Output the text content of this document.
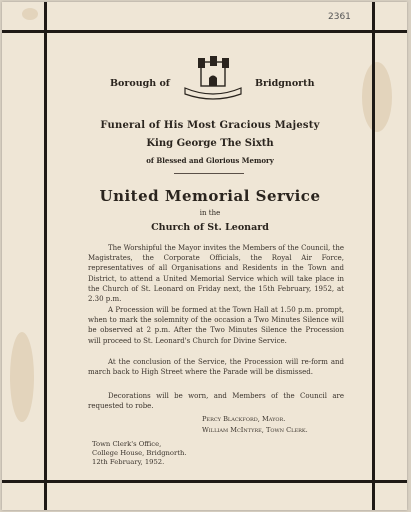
2361
Borough of	Bridgnorth
Funeral of His Most Gracious Majesty
King George The Sixth
of Blessed and Glorious Memory
United Memorial Service
in the
Church of St. Leonard
The Worshipful the Mayor invites the Members of the Council, the Magistrates, the Corporate Officials, the Royal Air Force, representatives of all Organisations and Residents in the Town and District, to attend a United Memorial Service which will take place in the Church of St. Leonard on Friday next, the 15th February, 1952, at 2.30 p.m.
A Procession will be formed at the Town Hall at 1.50 p.m. prompt, when to mark the solemnity of the occasion a Two Minutes Silence will be observed at 2 p.m. After the Two Minutes Silence the Procession will proceed to St. Leonard's Church for Divine Service.
At the conclusion of the Service, the Procession will re-form and march back to High Street where the Parade will be dismissed.
Decorations will be worn, and Members of the Council are requested to robe.
Percy Blackford, Mayor.
William McIntyre, Town Clerk.
Town Clerk's Office,
College House, Bridgnorth.
12th February, 1952.
